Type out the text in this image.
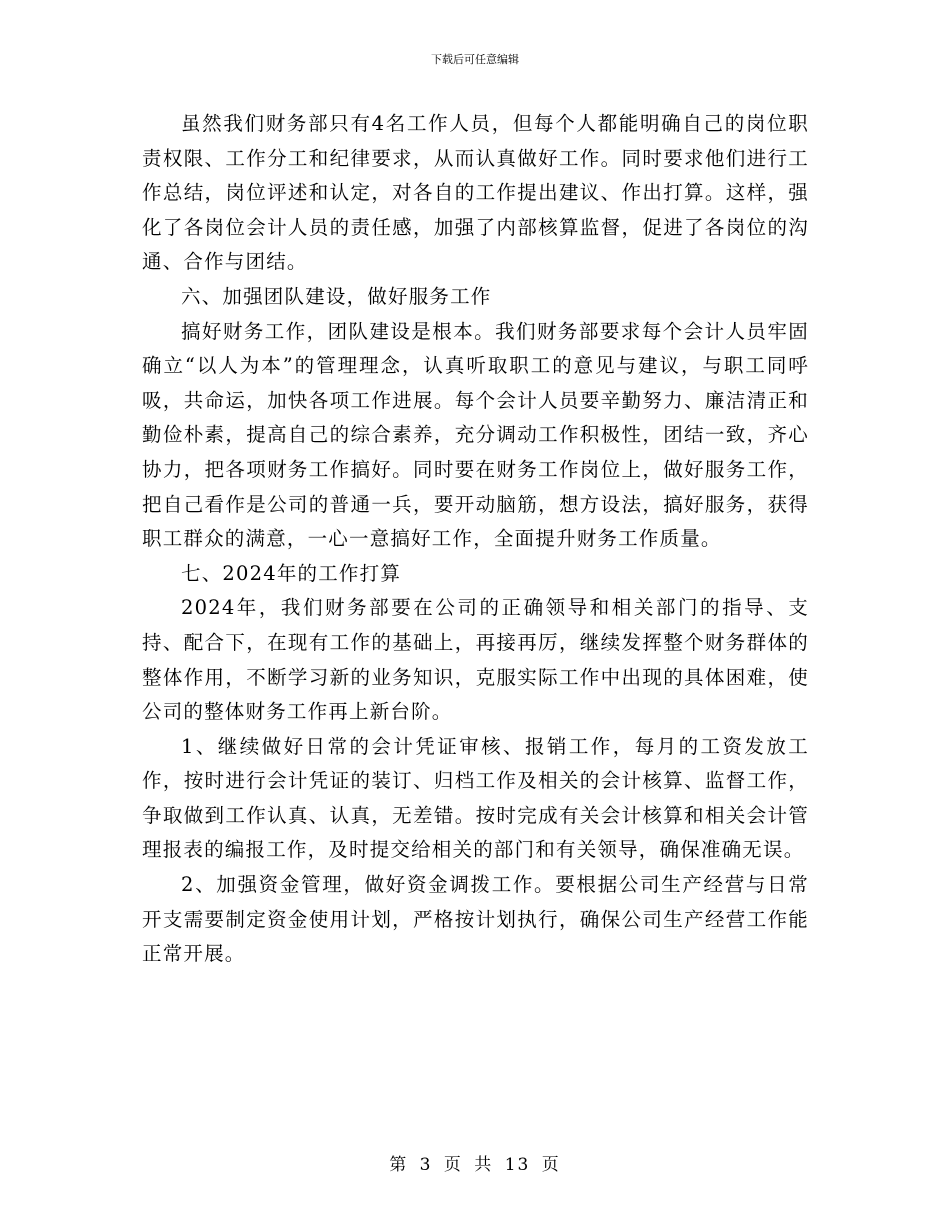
下载后可任意编辑

虽然我们财务部只有4名工作人员，但每个人都能明确自己的岗位职责权限、工作分工和纪律要求，从而认真做好工作。同时要求他们进行工作总结，岗位评述和认定，对各自的工作提出建议、作出打算。这样，强化了各岗位会计人员的责任感，加强了内部核算监督，促进了各岗位的沟通、合作与团结。

六、加强团队建设，做好服务工作

搞好财务工作，团队建设是根本。我们财务部要求每个会计人员牢固确立“以人为本”的管理理念，认真听取职工的意见与建议，与职工同呼吸，共命运，加快各项工作进展。每个会计人员要辛勤努力、廉洁清正和勤俭朴素，提高自己的综合素养，充分调动工作积极性，团结一致，齐心协力，把各项财务工作搞好。同时要在财务工作岗位上，做好服务工作，把自己看作是公司的普通一兵，要开动脑筋，想方设法，搞好服务，获得职工群众的满意，一心一意搞好工作，全面提升财务工作质量。

七、2024年的工作打算

2024年，我们财务部要在公司的正确领导和相关部门的指导、支持、配合下，在现有工作的基础上，再接再厉，继续发挥整个财务群体的整体作用，不断学习新的业务知识，克服实际工作中出现的具体困难，使公司的整体财务工作再上新台阶。

1、继续做好日常的会计凭证审核、报销工作，每月的工资发放工作，按时进行会计凭证的装订、归档工作及相关的会计核算、监督工作，争取做到工作认真、认真，无差错。按时完成有关会计核算和相关会计管理报表的编报工作，及时提交给相关的部门和有关领导，确保准确无误。

2、加强资金管理，做好资金调拨工作。要根据公司生产经营与日常开支需要制定资金使用计划，严格按计划执行，确保公司生产经营工作能正常开展。

第 3 页 共 13 页
